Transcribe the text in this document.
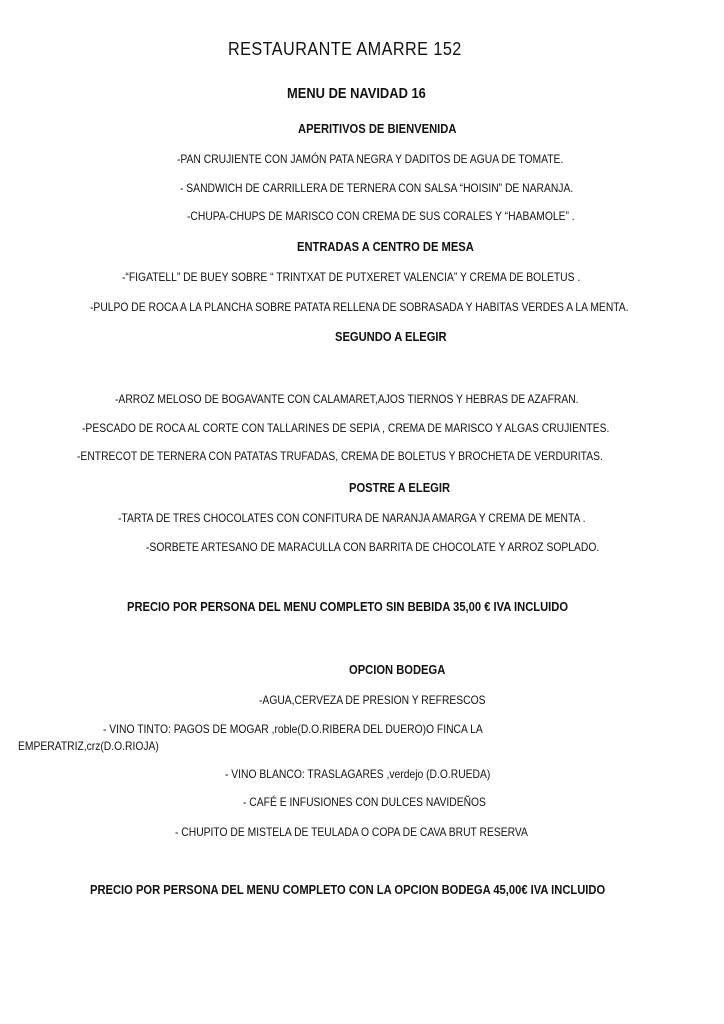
RESTAURANTE AMARRE 152
MENU DE NAVIDAD 16
APERITIVOS DE BIENVENIDA
-PAN CRUJIENTE CON JAMÓN PATA NEGRA Y DADITOS DE AGUA DE TOMATE.
- SANDWICH DE CARRILLERA DE TERNERA CON SALSA “HOISIN” DE NARANJA.
-CHUPA-CHUPS DE MARISCO CON CREMA DE SUS CORALES Y “HABAMOLE” .
ENTRADAS A CENTRO DE MESA
-“FIGATELL” DE BUEY SOBRE “ TRINTXAT DE PUTXERET VALENCIA” Y CREMA DE BOLETUS .
-PULPO DE ROCA A LA PLANCHA SOBRE PATATA RELLENA DE SOBRASADA Y HABITAS VERDES A LA MENTA.
SEGUNDO A ELEGIR
-ARROZ MELOSO DE BOGAVANTE CON CALAMARET,AJOS TIERNOS Y HEBRAS DE AZAFRAN.
-PESCADO DE ROCA AL CORTE CON TALLARINES DE SEPIA , CREMA DE MARISCO Y ALGAS CRUJIENTES.
-ENTRECOT DE TERNERA CON PATATAS TRUFADAS, CREMA DE BOLETUS Y BROCHETA DE VERDURITAS.
POSTRE A ELEGIR
-TARTA DE TRES CHOCOLATES CON CONFITURA DE NARANJA AMARGA Y CREMA DE MENTA .
-SORBETE ARTESANO DE MARACULLA CON BARRITA DE CHOCOLATE Y ARROZ SOPLADO.
PRECIO POR PERSONA DEL MENU COMPLETO SIN BEBIDA 35,00 € IVA INCLUIDO
OPCION BODEGA
-AGUA,CERVEZA DE PRESION Y REFRESCOS
- VINO TINTO: PAGOS DE MOGAR ,roble(D.O.RIBERA DEL DUERO)O FINCA LA
EMPERATRIZ,crz(D.O.RIOJA)
- VINO BLANCO: TRASLAGARES ,verdejo (D.O.RUEDA)
- CAFÉ E INFUSIONES CON DULCES NAVIDEÑOS
- CHUPITO DE MISTELA DE TEULADA O COPA DE CAVA BRUT RESERVA
PRECIO POR PERSONA DEL MENU COMPLETO CON LA OPCION BODEGA 45,00€ IVA INCLUIDO
